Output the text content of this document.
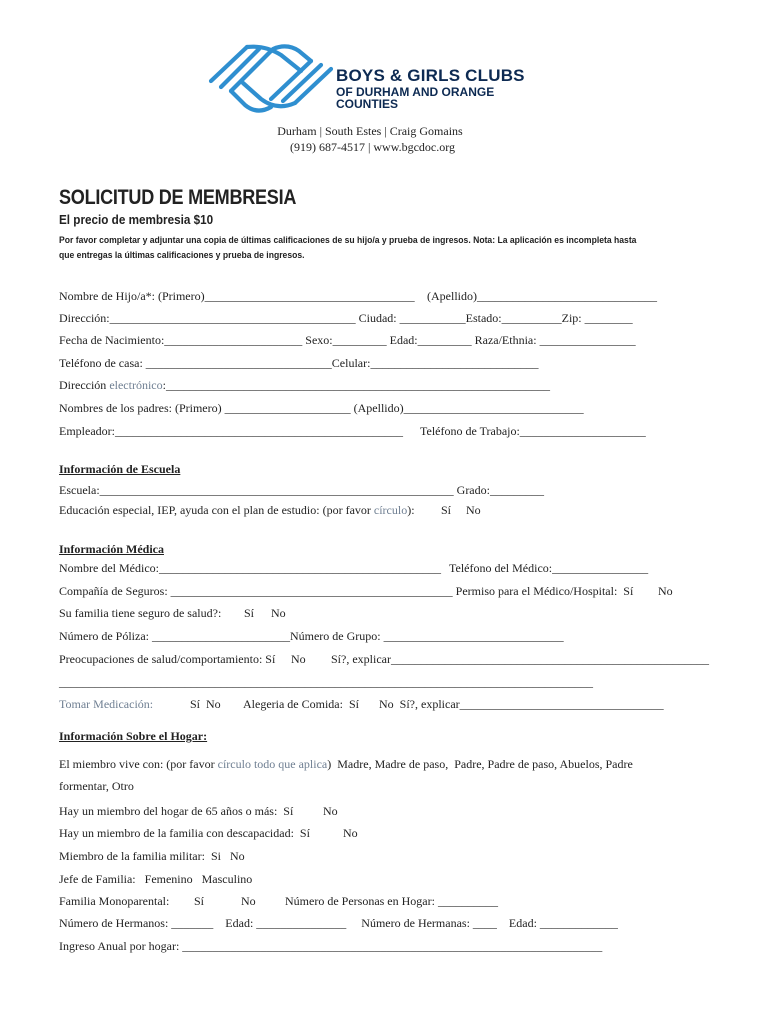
BOYS & GIRLS CLUBS
OF DURHAM AND ORANGE
COUNTIES
Durham | South Estes | Craig Gomains
(919) 687-4517 | www.bgcdoc.org
SOLICITUD DE MEMBRESIA
El precio de membresia $10
Por favor completar y adjuntar una copia de últimas calificaciones de su hijo/a y prueba de ingresos. Nota: La aplicación es incompleta hasta
que entregas la últimas calificaciones y prueba de ingresos.
Nombre de Hijo/a*: (Primero)___________________________________ (Apellido)______________________________
Dirección:_________________________________________ Ciudad: ___________Estado:__________Zip: ________
Fecha de Nacimiento:_______________________ Sexo:_________ Edad:_________ Raza/Ethnia: ________________
Teléfono de casa: _______________________________Celular:____________________________
Dirección electrónico:________________________________________________________________
Nombres de los padres: (Primero) _____________________ (Apellido)______________________________
Empleador:________________________________________________ Teléfono de Trabajo:_____________________
Información de Escuela
Escuela:___________________________________________________________ Grado:_________
Educación especial, IEP, ayuda con el plan de estudio: (por favor círculo): Sí No
Información Médica
Nombre del Médico:_______________________________________________ Teléfono del Médico:________________
Compañía de Seguros: _______________________________________________ Permiso para el Médico/Hospital:  Sí No
Su familia tiene seguro de salud?: Sí No
Número de Póliza: _______________________Número de Grupo: ______________________________
Preocupaciones de salud/comportamiento: Sí No Sí?, explicar_____________________________________________________
_________________________________________________________________________________________
Tomar Medicación:	Sí  No Alegeria de Comida:  Sí No  Sí?, explicar__________________________________
Información Sobre el Hogar:
El miembro vive con: (por favor círculo todo que aplica)  Madre, Madre de paso,  Padre, Padre de paso, Abuelos, Padre
formentar, Otro
Hay un miembro del hogar de 65 años o más:  Sí No
Hay un miembro de la familia con descapacidad:  Sí	No
Miembro de la familia militar:  Si   No
Jefe de Familia:   Femenino   Masculino
Familia Monoparental: Sí	No Número de Personas en Hogar: __________
Número de Hermanos: _______    Edad: _______________     Número de Hermanas: ____    Edad: _____________
Ingreso Anual por hogar: ______________________________________________________________________
